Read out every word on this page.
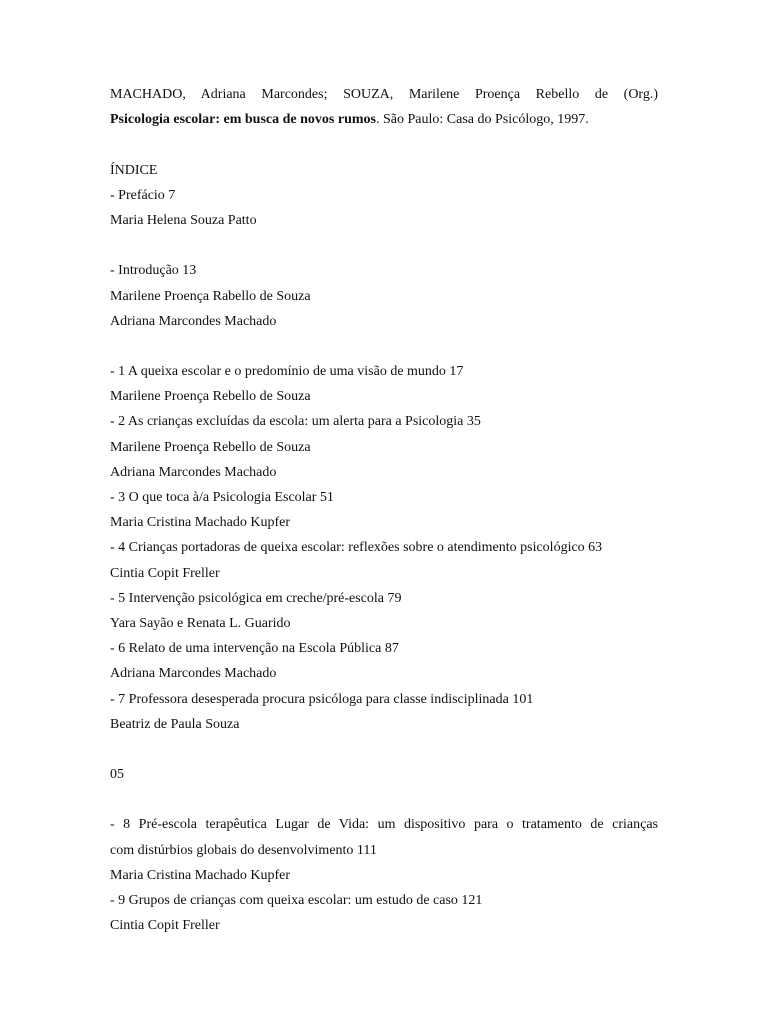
MACHADO, Adriana Marcondes; SOUZA, Marilene Proença Rebello de (Org.)
Psicologia escolar: em busca de novos rumos. São Paulo: Casa do Psicólogo, 1997.
ÍNDICE
- Prefácio 7
Maria Helena Souza Patto
- Introdução 13
Marilene Proença Rabello de Souza
Adriana Marcondes Machado
- 1 A queixa escolar e o predomínio de uma visão de mundo 17
Marilene Proença Rebello de Souza
- 2 As crianças excluídas da escola: um alerta para a Psicologia 35
Marilene Proença Rebello de Souza
Adriana Marcondes Machado
- 3 O que toca à/a Psicologia Escolar 51
Maria Cristina Machado Kupfer
- 4 Crianças portadoras de queixa escolar: reflexões sobre o atendimento psicológico 63
Cintia Copit Freller
- 5 Intervenção psicológica em creche/pré-escola 79
Yara Sayão e Renata L. Guarido
- 6 Relato de uma intervenção na Escola Pública 87
Adriana Marcondes Machado
- 7 Professora desesperada procura psicóloga para classe indisciplinada 101
Beatriz de Paula Souza
05
- 8 Pré-escola terapêutica Lugar de Vida: um dispositivo para o tratamento de crianças
com distúrbios globais do desenvolvimento 111
Maria Cristina Machado Kupfer
- 9 Grupos de crianças com queixa escolar: um estudo de caso 121
Cintia Copit Freller
